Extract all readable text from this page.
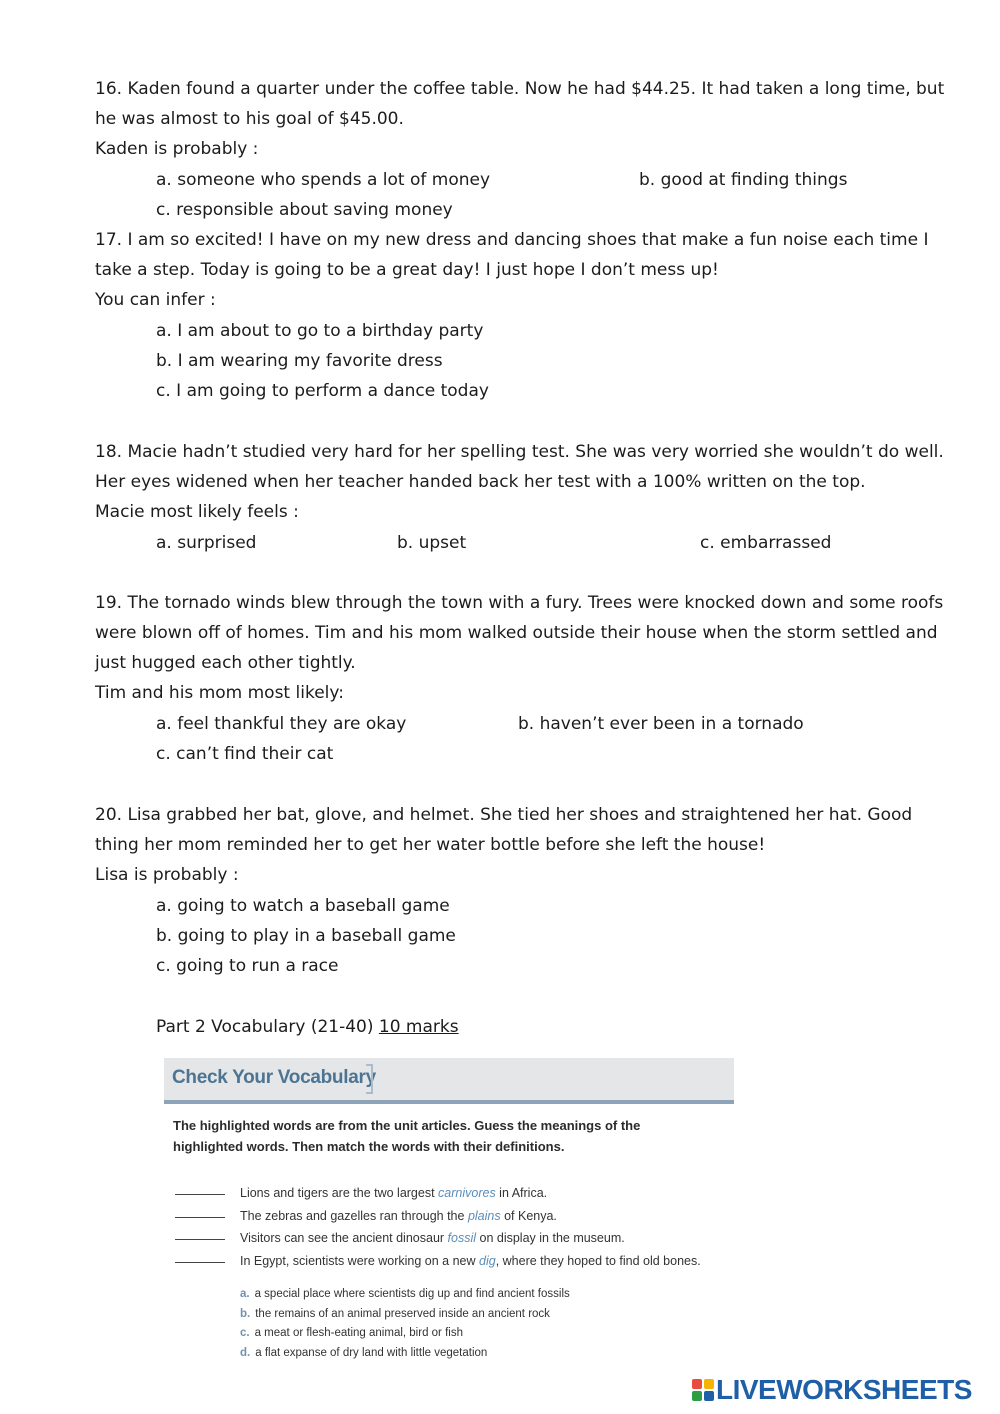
16. Kaden found a quarter under the coffee table. Now he had $44.25. It had taken a long time, but he was almost to his goal of $45.00.

Kaden is probably :

a. someone who spends a lot of money	b. good at finding things
c. responsible about saving money

17. I am so excited! I have on my new dress and dancing shoes that make a fun noise each time I take a step. Today is going to be a great day! I just hope I don’t mess up!

You can infer :

a. I am about to go to a birthday party
b. I am wearing my favorite dress
c. I am going to perform a dance today

18. Macie hadn’t studied very hard for her spelling test. She was very worried she wouldn’t do well. Her eyes widened when her teacher handed back her test with a 100% written on the top.

Macie most likely feels :

a. surprised	b. upset	c. embarrassed

19. The tornado winds blew through the town with a fury. Trees were knocked down and some roofs were blown off of homes. Tim and his mom walked outside their house when the storm settled and just hugged each other tightly.

Tim and his mom most likely:

a. feel thankful they are okay	b. haven’t ever been in a tornado
c. can’t find their cat

20. Lisa grabbed her bat, glove, and helmet. She tied her shoes and straightened her hat. Good thing her mom reminded her to get her water bottle before she left the house!

Lisa is probably :

a. going to watch a baseball game
b. going to play in a baseball game
c. going to run a race
Part 2 Vocabulary (21-40) 10 marks
Check Your Vocabulary
The highlighted words are from the unit articles. Guess the meanings of the highlighted words. Then match the words with their definitions.
Lions and tigers are the two largest carnivores in Africa.
The zebras and gazelles ran through the plains of Kenya.
Visitors can see the ancient dinosaur fossil on display in the museum.
In Egypt, scientists were working on a new dig, where they hoped to find old bones.
a. a special place where scientists dig up and find ancient fossils
b. the remains of an animal preserved inside an ancient rock
c. a meat or flesh-eating animal, bird or fish
d. a flat expanse of dry land with little vegetation
LIVEWORKSHEETS
